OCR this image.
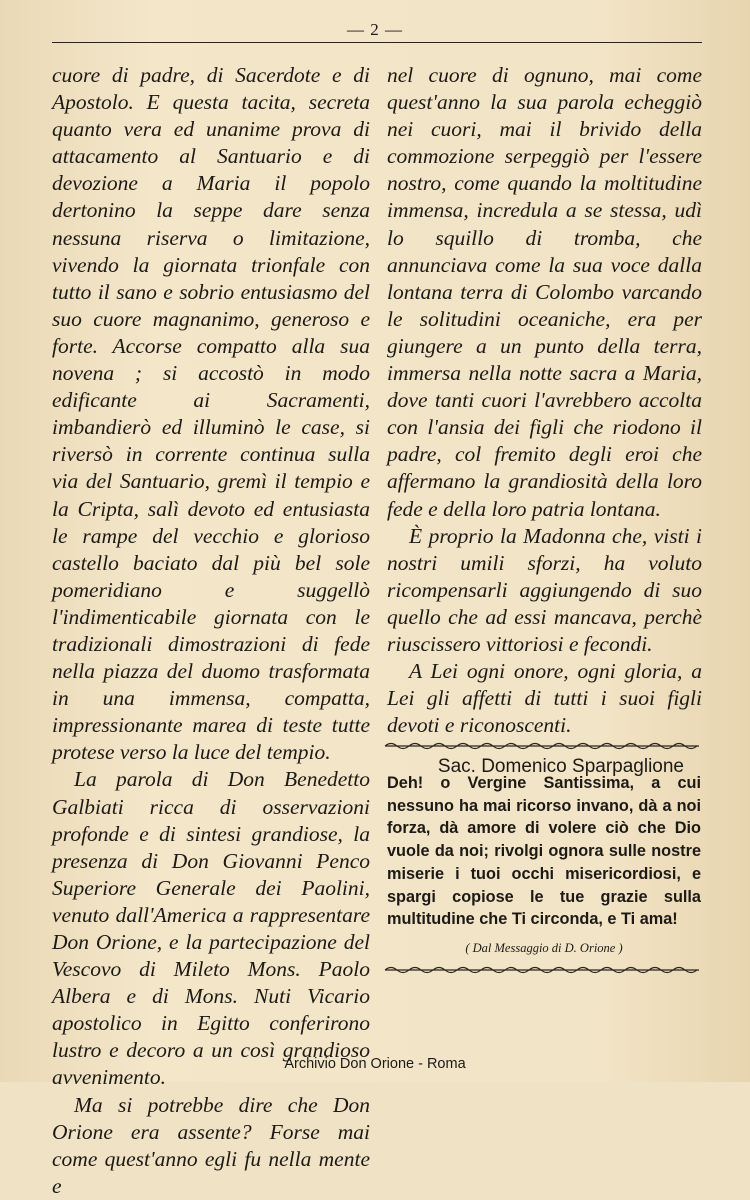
— 2 —

cuore di padre, di Sacerdote e di Apostolo. E questa tacita, secreta quanto vera ed unanime prova di attacamento al Santuario e di devozione a Maria il popolo dertonino la seppe dare senza nessuna riserva o limitazione, vivendo la giornata trionfale con tutto il sano e sobrio entusiasmo del suo cuore magnanimo, generoso e forte. Accorse compatto alla sua novena ; si accostò in modo edificante ai Sacramenti, imbandierò ed illuminò le case, si riversò in corrente continua sulla via del Santuario, gremì il tempio e la Cripta, salì devoto ed entusiasta le rampe del vecchio e glorioso castello baciato dal più bel sole pomeridiano e suggellò l'indimenticabile giornata con le tradizionali dimostrazioni di fede nella piazza del duomo trasformata in una immensa, compatta, impressionante marea di teste tutte protese verso la luce del tempio.

La parola di Don Benedetto Galbiati ricca di osservazioni profonde e di sintesi grandiose, la presenza di Don Giovanni Penco Superiore Generale dei Paolini, venuto dall'America a rappresentare Don Orione, e la partecipazione del Vescovo di Mileto Mons. Paolo Albera e di Mons. Nuti Vicario apostolico in Egitto conferirono lustro e decoro a un così grandioso avvenimento.

Ma si potrebbe dire che Don Orione era assente? Forse mai come quest'anno egli fu nella mente e

nel cuore di ognuno, mai come quest'anno la sua parola echeggiò nei cuori, mai il brivido della commozione serpeggiò per l'essere nostro, come quando la moltitudine immensa, incredula a se stessa, udì lo squillo di tromba, che annunciava come la sua voce dalla lontana terra di Colombo varcando le solitudini oceaniche, era per giungere a un punto della terra, immersa nella notte sacra a Maria, dove tanti cuori l'avrebbero accolta con l'ansia dei figli che riodono il padre, col fremito degli eroi che affermano la grandiosità della loro fede e della loro patria lontana.

È proprio la Madonna che, visti i nostri umili sforzi, ha voluto ricompensarli aggiungendo di suo quello che ad essi mancava, perchè riuscissero vittoriosi e fecondi.

A Lei ogni onore, ogni gloria, a Lei gli affetti di tutti i suoi figli devoti e riconoscenti.

Sac. Domenico Sparpaglione

Deh! o Vergine Santissima, a cui nessuno ha mai ricorso invano, dà a noi forza, dà amore di volere ciò che Dio vuole da noi; rivolgi ognora sulle nostre miserie i tuoi occhi misericordiosi, e spargi copiose le tue grazie sulla multitudine che Ti circonda, e Ti ama!

( Dal Messaggio di D. Orione )
Archivio Don Orione - Roma
